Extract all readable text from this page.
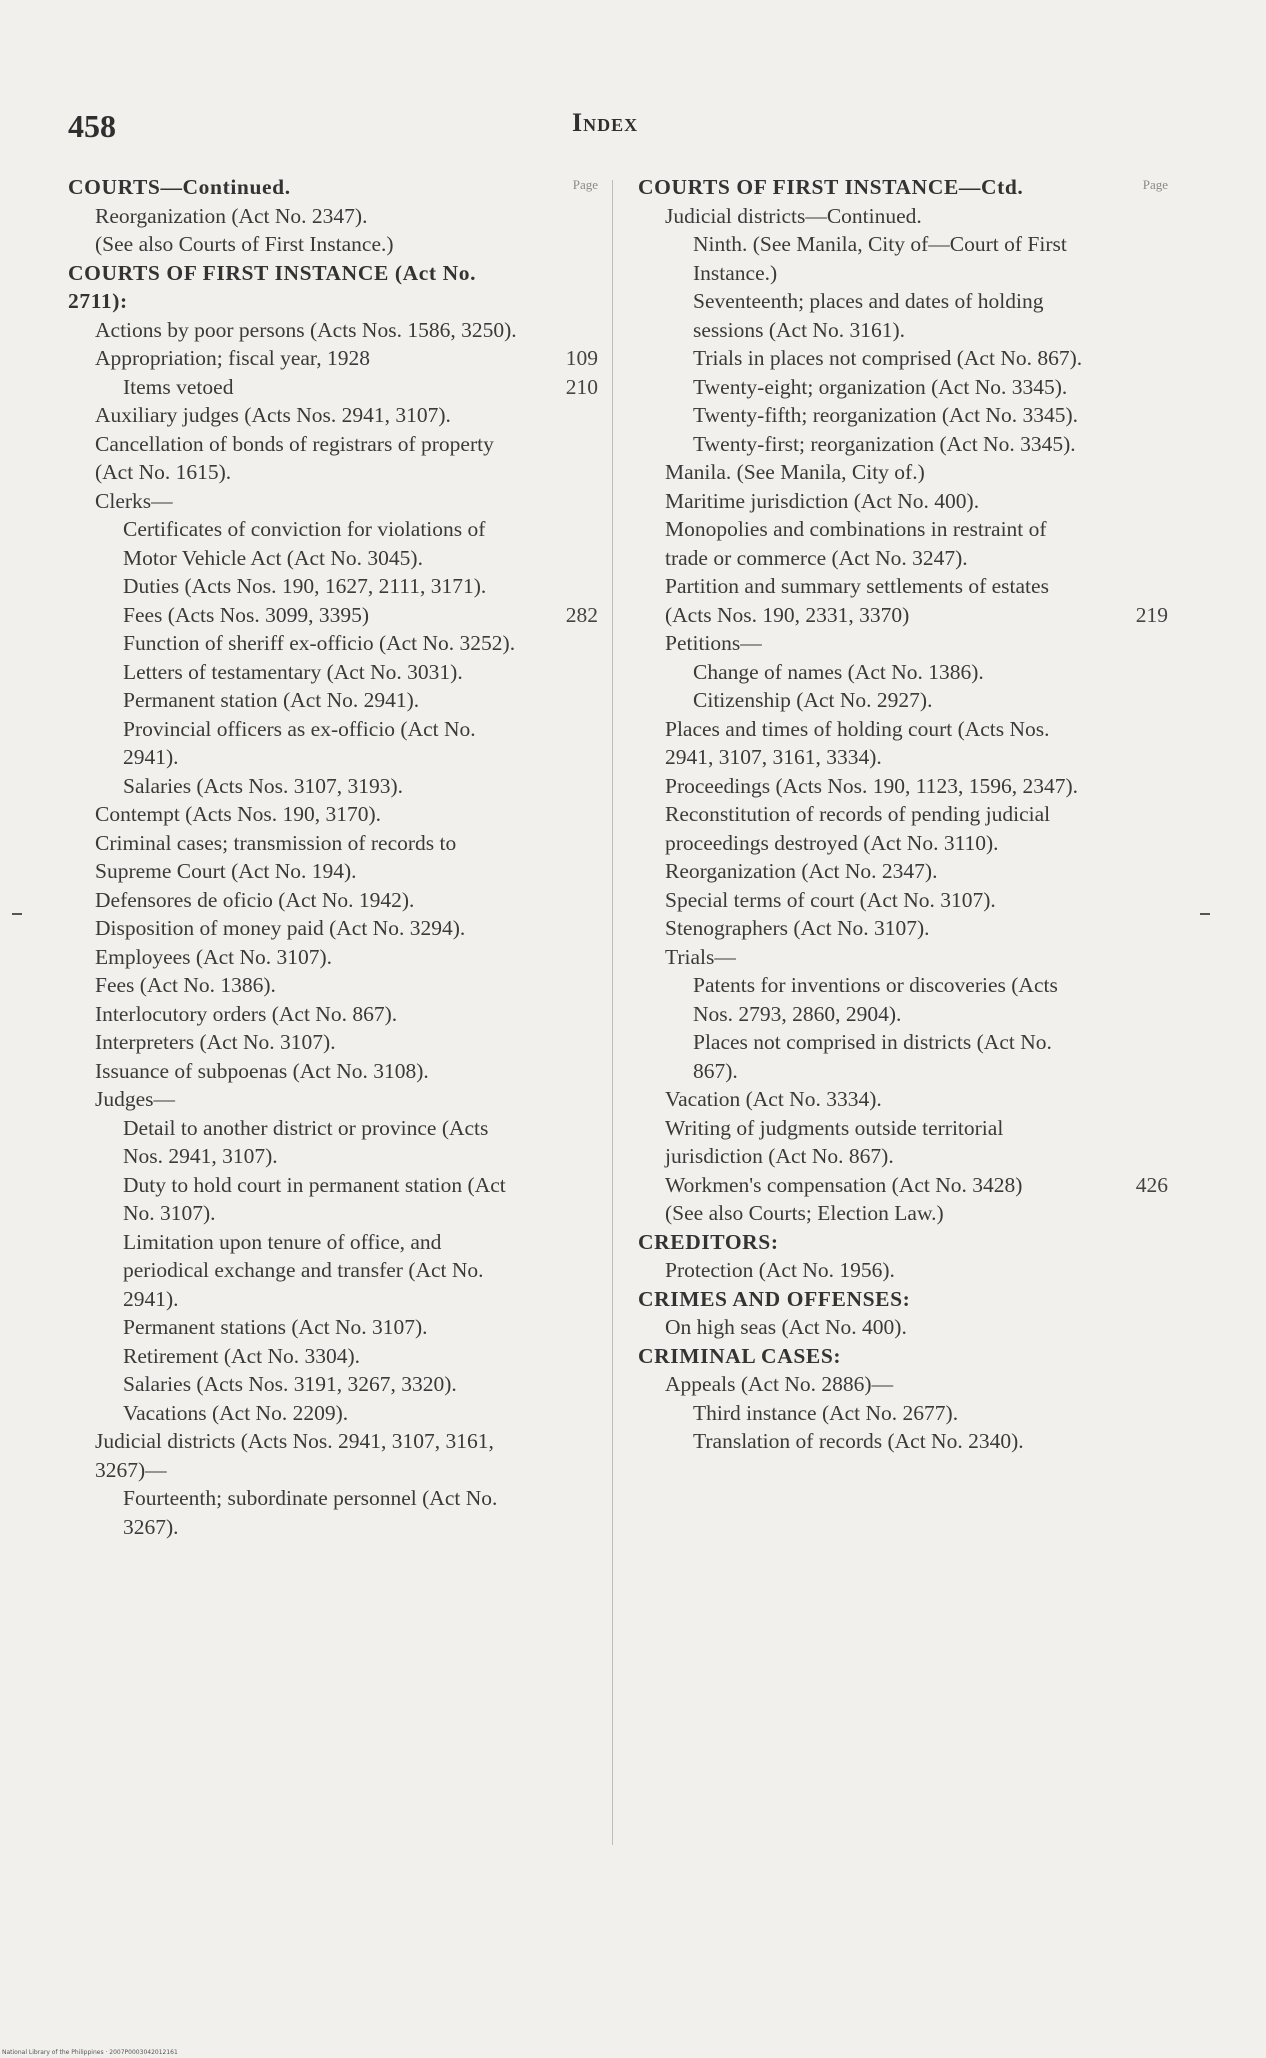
458	Index
Page
COURTS—Continued.
Reorganization (Act No. 2347).
(See also Courts of First Instance.)
COURTS OF FIRST INSTANCE (Act No. 2711):
Actions by poor persons (Acts Nos. 1586, 3250).
Appropriation; fiscal year, 1928	109
Items vetoed	210
Auxiliary judges (Acts Nos. 2941, 3107).
Cancellation of bonds of registrars of property (Act No. 1615).
Clerks—
Certificates of conviction for violations of Motor Vehicle Act (Act No. 3045).
Duties (Acts Nos. 190, 1627, 2111, 3171).
Fees (Acts Nos. 3099, 3395)	282
Function of sheriff ex-officio (Act No. 3252).
Letters of testamentary (Act No. 3031).
Permanent station (Act No. 2941).
Provincial officers as ex-officio (Act No. 2941).
Salaries (Acts Nos. 3107, 3193).
Contempt (Acts Nos. 190, 3170).
Criminal cases; transmission of records to Supreme Court (Act No. 194).
Defensores de oficio (Act No. 1942).
Disposition of money paid (Act No. 3294).
Employees (Act No. 3107).
Fees (Act No. 1386).
Interlocutory orders (Act No. 867).
Interpreters (Act No. 3107).
Issuance of subpoenas (Act No. 3108).
Judges—
Detail to another district or province (Acts Nos. 2941, 3107).
Duty to hold court in permanent station (Act No. 3107).
Limitation upon tenure of office, and periodical exchange and transfer (Act No. 2941).
Permanent stations (Act No. 3107).
Retirement (Act No. 3304).
Salaries (Acts Nos. 3191, 3267, 3320).
Vacations (Act No. 2209).
Judicial districts (Acts Nos. 2941, 3107, 3161, 3267)—
Fourteenth; subordinate personnel (Act No. 3267).
Page
COURTS OF FIRST INSTANCE—Ctd.
Judicial districts—Continued.
Ninth. (See Manila, City of—Court of First Instance.)
Seventeenth; places and dates of holding sessions (Act No. 3161).
Trials in places not comprised (Act No. 867).
Twenty-eight; organization (Act No. 3345).
Twenty-fifth; reorganization (Act No. 3345).
Twenty-first; reorganization (Act No. 3345).
Manila. (See Manila, City of.)
Maritime jurisdiction (Act No. 400).
Monopolies and combinations in restraint of trade or commerce (Act No. 3247).
Partition and summary settlements of estates (Acts Nos. 190, 2331, 3370)	219
Petitions—
Change of names (Act No. 1386).
Citizenship (Act No. 2927).
Places and times of holding court (Acts Nos. 2941, 3107, 3161, 3334).
Proceedings (Acts Nos. 190, 1123, 1596, 2347).
Reconstitution of records of pending judicial proceedings destroyed (Act No. 3110).
Reorganization (Act No. 2347).
Special terms of court (Act No. 3107).
Stenographers (Act No. 3107).
Trials—
Patents for inventions or discoveries (Acts Nos. 2793, 2860, 2904).
Places not comprised in districts (Act No. 867).
Vacation (Act No. 3334).
Writing of judgments outside territorial jurisdiction (Act No. 867).
Workmen's compensation (Act No. 3428)	426
(See also Courts; Election Law.)
CREDITORS:
Protection (Act No. 1956).
CRIMES AND OFFENSES:
On high seas (Act No. 400).
CRIMINAL CASES:
Appeals (Act No. 2886)—
Third instance (Act No. 2677).
Translation of records (Act No. 2340).
National Library of the Philippines · 2007P0003042012161
